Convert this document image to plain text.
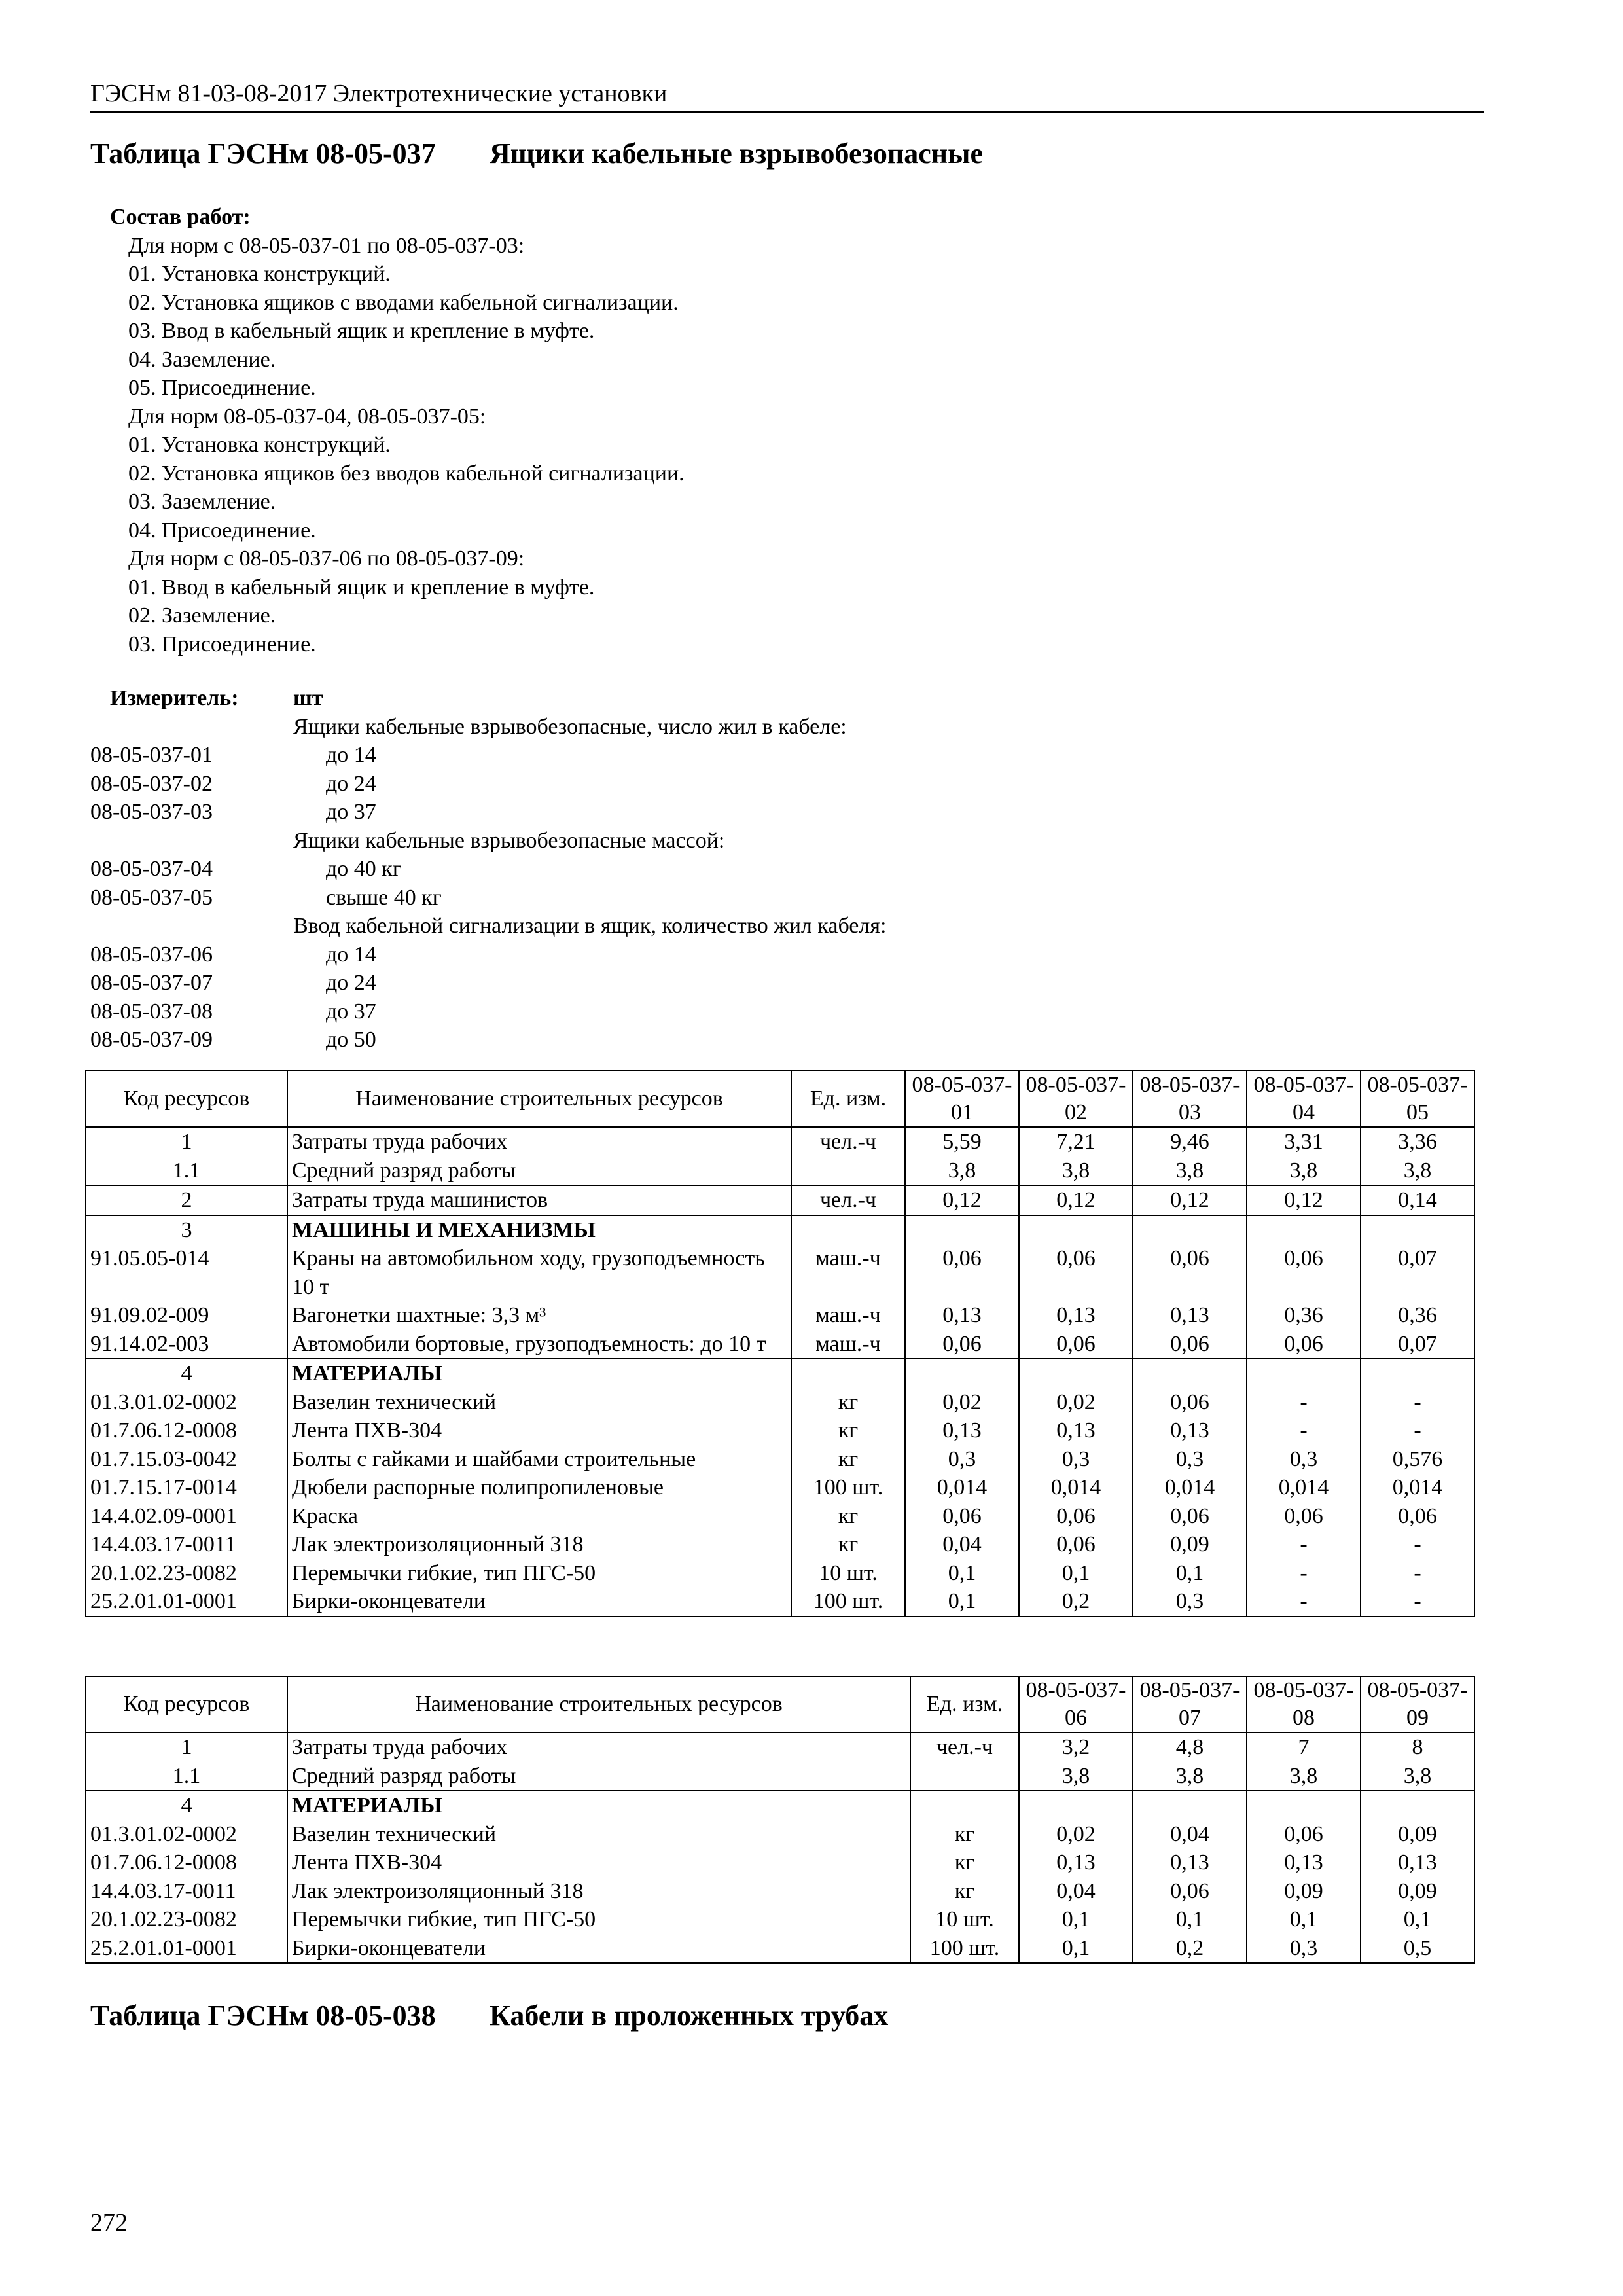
ГЭСНм 81-03-08-2017 Электротехнические установки
Таблица ГЭСНм 08-05-037 Ящики кабельные взрывобезопасные
Состав работ:
Для норм с 08-05-037-01 по 08-05-037-03:
01. Установка конструкций.
02. Установка ящиков с вводами кабельной сигнализации.
03. Ввод в кабельный ящик и крепление в муфте.
04. Заземление.
05. Присоединение.
Для норм 08-05-037-04, 08-05-037-05:
01. Установка конструкций.
02. Установка ящиков без вводов кабельной сигнализации.
03. Заземление.
04. Присоединение.
Для норм с 08-05-037-06 по 08-05-037-09:
01. Ввод в кабельный ящик и крепление в муфте.
02. Заземление.
03. Присоединение.
Измеритель:	шт
Ящики кабельные взрывобезопасные, число жил в кабеле:
08-05-037-01	до 14
08-05-037-02	до 24
08-05-037-03	до 37
Ящики кабельные взрывобезопасные массой:
08-05-037-04	до 40 кг
08-05-037-05	свыше 40 кг
Ввод кабельной сигнализации в ящик, количество жил кабеля:
08-05-037-06	до 14
08-05-037-07	до 24
08-05-037-08	до 37
08-05-037-09	до 50
Код ресурсов	Наименование строительных ресурсов	Ед. изм.	08-05-037-01	08-05-037-02	08-05-037-03	08-05-037-04	08-05-037-05
1	Затраты труда рабочих	чел.-ч	5,59	7,21	9,46	3,31	3,36
1.1	Средний разряд работы		3,8	3,8	3,8	3,8	3,8
2	Затраты труда машинистов	чел.-ч	0,12	0,12	0,12	0,12	0,14
3	МАШИНЫ И МЕХАНИЗМЫ						
91.05.05-014	Краны на автомобильном ходу, грузоподъемность 10 т	маш.-ч	0,06	0,06	0,06	0,06	0,07
91.09.02-009	Вагонетки шахтные: 3,3 м³	маш.-ч	0,13	0,13	0,13	0,36	0,36
91.14.02-003	Автомобили бортовые, грузоподъемность: до 10 т	маш.-ч	0,06	0,06	0,06	0,06	0,07
4	МАТЕРИАЛЫ						
01.3.01.02-0002	Вазелин технический	кг	0,02	0,02	0,06	-	-
01.7.06.12-0008	Лента ПХВ-304	кг	0,13	0,13	0,13	-	-
01.7.15.03-0042	Болты с гайками и шайбами строительные	кг	0,3	0,3	0,3	0,3	0,576
01.7.15.17-0014	Дюбели распорные полипропиленовые	100 шт.	0,014	0,014	0,014	0,014	0,014
14.4.02.09-0001	Краска	кг	0,06	0,06	0,06	0,06	0,06
14.4.03.17-0011	Лак электроизоляционный 318	кг	0,04	0,06	0,09	-	-
20.1.02.23-0082	Перемычки гибкие, тип ПГС-50	10 шт.	0,1	0,1	0,1	-	-
25.2.01.01-0001	Бирки-оконцеватели	100 шт.	0,1	0,2	0,3	-	-
Код ресурсов	Наименование строительных ресурсов	Ед. изм.	08-05-037-06	08-05-037-07	08-05-037-08	08-05-037-09
1	Затраты труда рабочих	чел.-ч	3,2	4,8	7	8
1.1	Средний разряд работы		3,8	3,8	3,8	3,8
4	МАТЕРИАЛЫ					
01.3.01.02-0002	Вазелин технический	кг	0,02	0,04	0,06	0,09
01.7.06.12-0008	Лента ПХВ-304	кг	0,13	0,13	0,13	0,13
14.4.03.17-0011	Лак электроизоляционный 318	кг	0,04	0,06	0,09	0,09
20.1.02.23-0082	Перемычки гибкие, тип ПГС-50	10 шт.	0,1	0,1	0,1	0,1
25.2.01.01-0001	Бирки-оконцеватели	100 шт.	0,1	0,2	0,3	0,5
Таблица ГЭСНм 08-05-038 Кабели в проложенных трубах
272
